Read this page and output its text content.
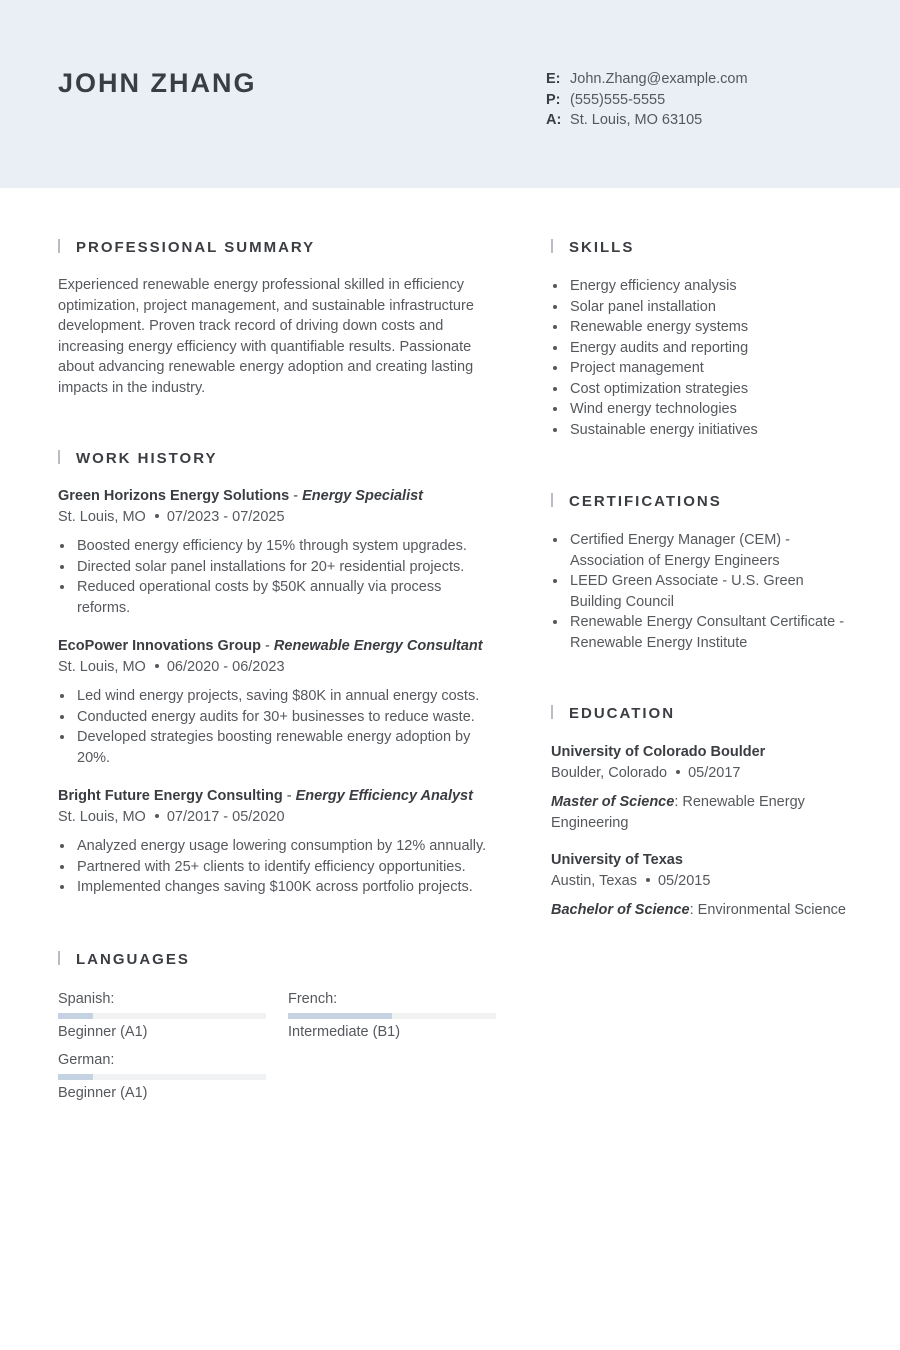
JOHN ZHANG	E: John.Zhang@example.com
P: (555)555-5555
A: St. Louis, MO 63105
PROFESSIONAL SUMMARY

Experienced renewable energy professional skilled in efficiency optimization, project management, and sustainable infrastructure development. Proven track record of driving down costs and increasing energy efficiency with quantifiable results. Passionate about advancing renewable energy adoption and creating lasting impacts in the industry.

WORK HISTORY
Green Horizons Energy Solutions - Energy Specialist
St. Louis, MO 07/2023 - 07/2025
Boosted energy efficiency by 15% through system upgrades.
Directed solar panel installations for 20+ residential projects.
Reduced operational costs by $50K annually via process reforms.
EcoPower Innovations Group - Renewable Energy Consultant
St. Louis, MO 06/2020 - 06/2023
Led wind energy projects, saving $80K in annual energy costs.
Conducted energy audits for 30+ businesses to reduce waste.
Developed strategies boosting renewable energy adoption by 20%.
Bright Future Energy Consulting - Energy Efficiency Analyst
St. Louis, MO 07/2017 - 05/2020
Analyzed energy usage lowering consumption by 12% annually.
Partnered with 25+ clients to identify efficiency opportunities.
Implemented changes saving $100K across portfolio projects.
LANGUAGES
Spanish:
Beginner (A1)
French:
Intermediate (B1)
German:
Beginner (A1)
SKILLS
Energy efficiency analysis
Solar panel installation
Renewable energy systems
Energy audits and reporting
Project management
Cost optimization strategies
Wind energy technologies
Sustainable energy initiatives
CERTIFICATIONS
Certified Energy Manager (CEM) - Association of Energy Engineers
LEED Green Associate - U.S. Green Building Council
Renewable Energy Consultant Certificate - Renewable Energy Institute
EDUCATION
University of Colorado Boulder
Boulder, Colorado 05/2017
Master of Science: Renewable Energy Engineering
University of Texas
Austin, Texas 05/2015
Bachelor of Science: Environmental Science
